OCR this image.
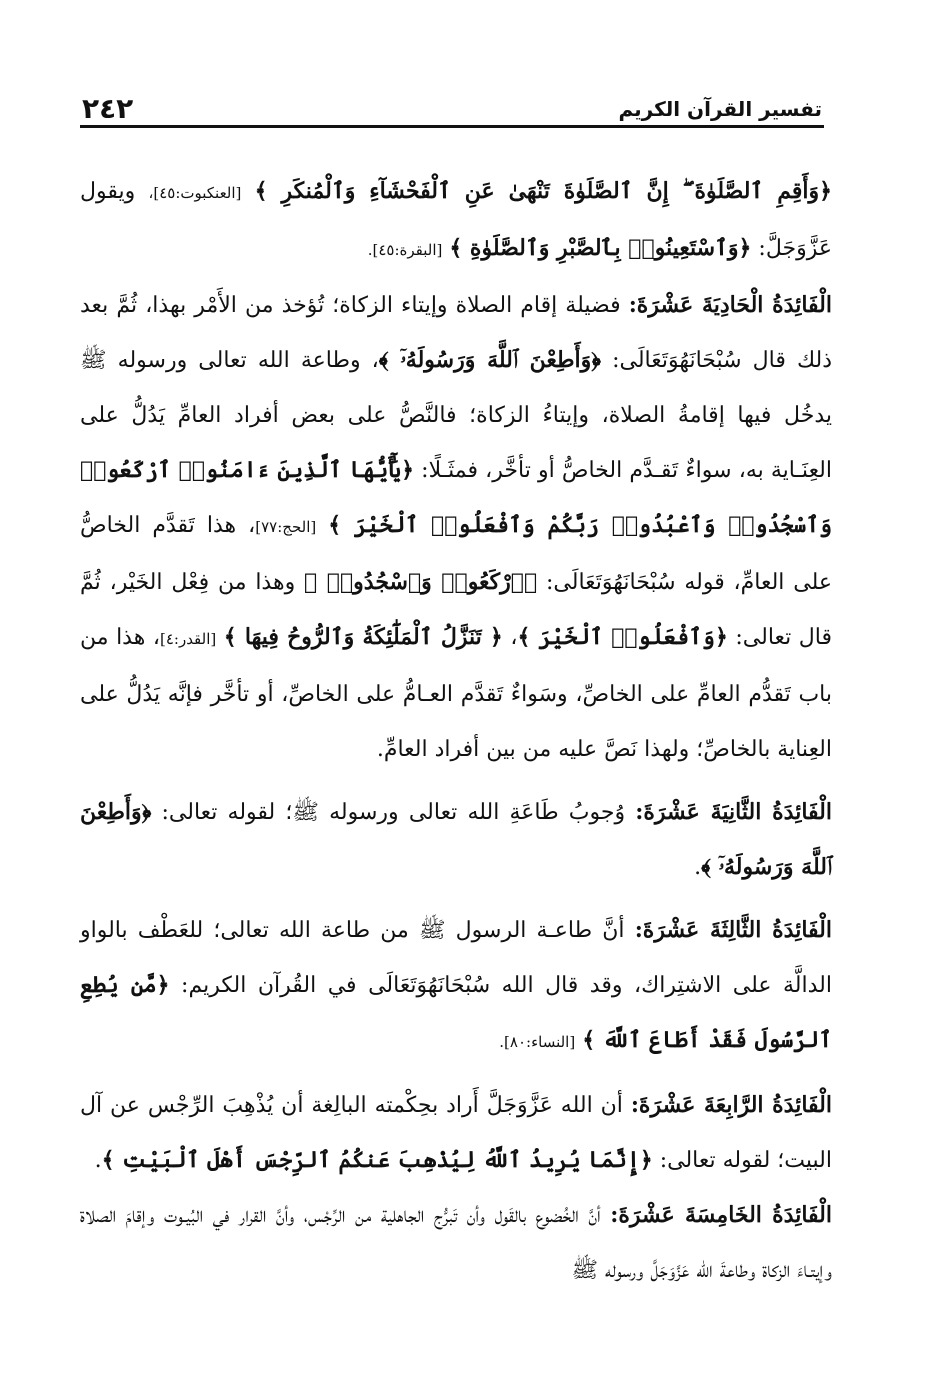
٢٤٢	تفسير القرآن الكريم

﴿وَأَقِمِ ٱلصَّلَوٰةَ ۖ إِنَّ ٱلصَّلَوٰةَ تَنْهَىٰ عَنِ ٱلْفَحْشَآءِ وَٱلْمُنكَرِ ﴾ [العنكبوت:٤٥]، ويقول عَزَّوَجَلَّ: ﴿وَٱسْتَعِينُوا۟ بِٱلصَّبْرِ وَٱلصَّلَوٰةِ ﴾ [البقرة:٤٥].

الْفَائِدَةُ الْحَادِيَةَ عَشْرَةَ: فضيلة إقام الصلاة وإيتاء الزكاة؛ تُؤخذ من الأَمْر بهذا، ثُمَّ بعد ذلك قال سُبْحَانَهُوَتَعَالَى: ﴿وَأَطِعْنَ ٱللَّهَ وَرَسُولَهُۥٓ ﴾، وطاعة الله تعالى ورسوله ﷺ يدخُل فيها إقامةُ الصلاة، وإيتاءُ الزكاة؛ فالنَّصُّ على بعض أفراد العامِّ يَدُلُّ على العِنَـاية به، سواءٌ تَقـدَّم الخاصُّ أو تأخَّر، فمثَـلًا: ﴿يَٰٓأَيُّهَا ٱلَّذِينَ ءَامَنُوا۟ ٱرْكَعُوا۟ وَٱسْجُدُوا۟ وَٱعْبُدُوا۟ رَبَّكُمْ وَٱفْعَلُوا۟ ٱلْخَيْرَ ﴾ [الحج:٧٧]، هذا تَقدَّم الخاصُّ على العامِّ، قوله سُبْحَانَهُوَتَعَالَى: ﴿ٱرْكَعُوا۟ وَٱسْجُدُوا۟ ﴾ وهذا من فِعْل الخَيْر، ثُمَّ قال تعالى: ﴿وَٱفْعَلُوا۟ ٱلْخَيْرَ ﴾، ﴿ تَنَزَّلُ ٱلْمَلَٰٓئِكَةُ وَٱلرُّوحُ فِيهَا ﴾ [القدر:٤]، هذا من باب تَقدُّم العامِّ على الخاصِّ، وسَواءٌ تَقدَّم العـامُّ على الخاصِّ، أو تأخَّر فإنَّه يَدُلُّ على العِناية بالخاصِّ؛ ولهذا نَصَّ عليه من بين أفراد العامِّ.

الْفَائِدَةُ الثَّانِيَةَ عَشْرَةَ: وُجوبُ طَاعَةِ الله تعالى ورسوله ﷺ؛ لقوله تعالى: ﴿وَأَطِعْنَ ٱللَّهَ وَرَسُولَهُۥٓ ﴾.

الْفَائِدَةُ الثَّالِثَةَ عَشْرَةَ: أنَّ طاعـة الرسول ﷺ من طاعة الله تعالى؛ للعَطْف بالواو الدالَّة على الاشتِراك، وقد قال الله سُبْحَانَهُوَتَعَالَى في القُرآن الكريم: ﴿مَّن يُطِعِ ٱلرَّسُولَ فَقَدْ أَطَاعَ ٱللَّهَ ﴾ [النساء:٨٠].

الْفَائِدَةُ الرَّابِعَةَ عَشْرَةَ: أن الله عَزَّوَجَلَّ أَراد بحِكْمته البالِغة أن يُذْهِبَ الرِّجْس عن آل البيت؛ لقوله تعالى: ﴿إِنَّمَا يُرِيدُ ٱللَّهُ لِيُذْهِبَ عَنكُمُ ٱلرِّجْسَ أَهْلَ ٱلْبَيْتِ ﴾.

الْفَائِدَةُ الخَامِسَةَ عَشْرَةَ: أنَّ الخُضوع بالقَول وأن تَبرُّج الجاهلية من الرِّجْس، وأنَّ القرار في البُيـوت وإقامَ الصلاة وإيتـاءَ الزكاة وطاعةَ الله عَزَّوَجَلَّ ورسوله ﷺ
